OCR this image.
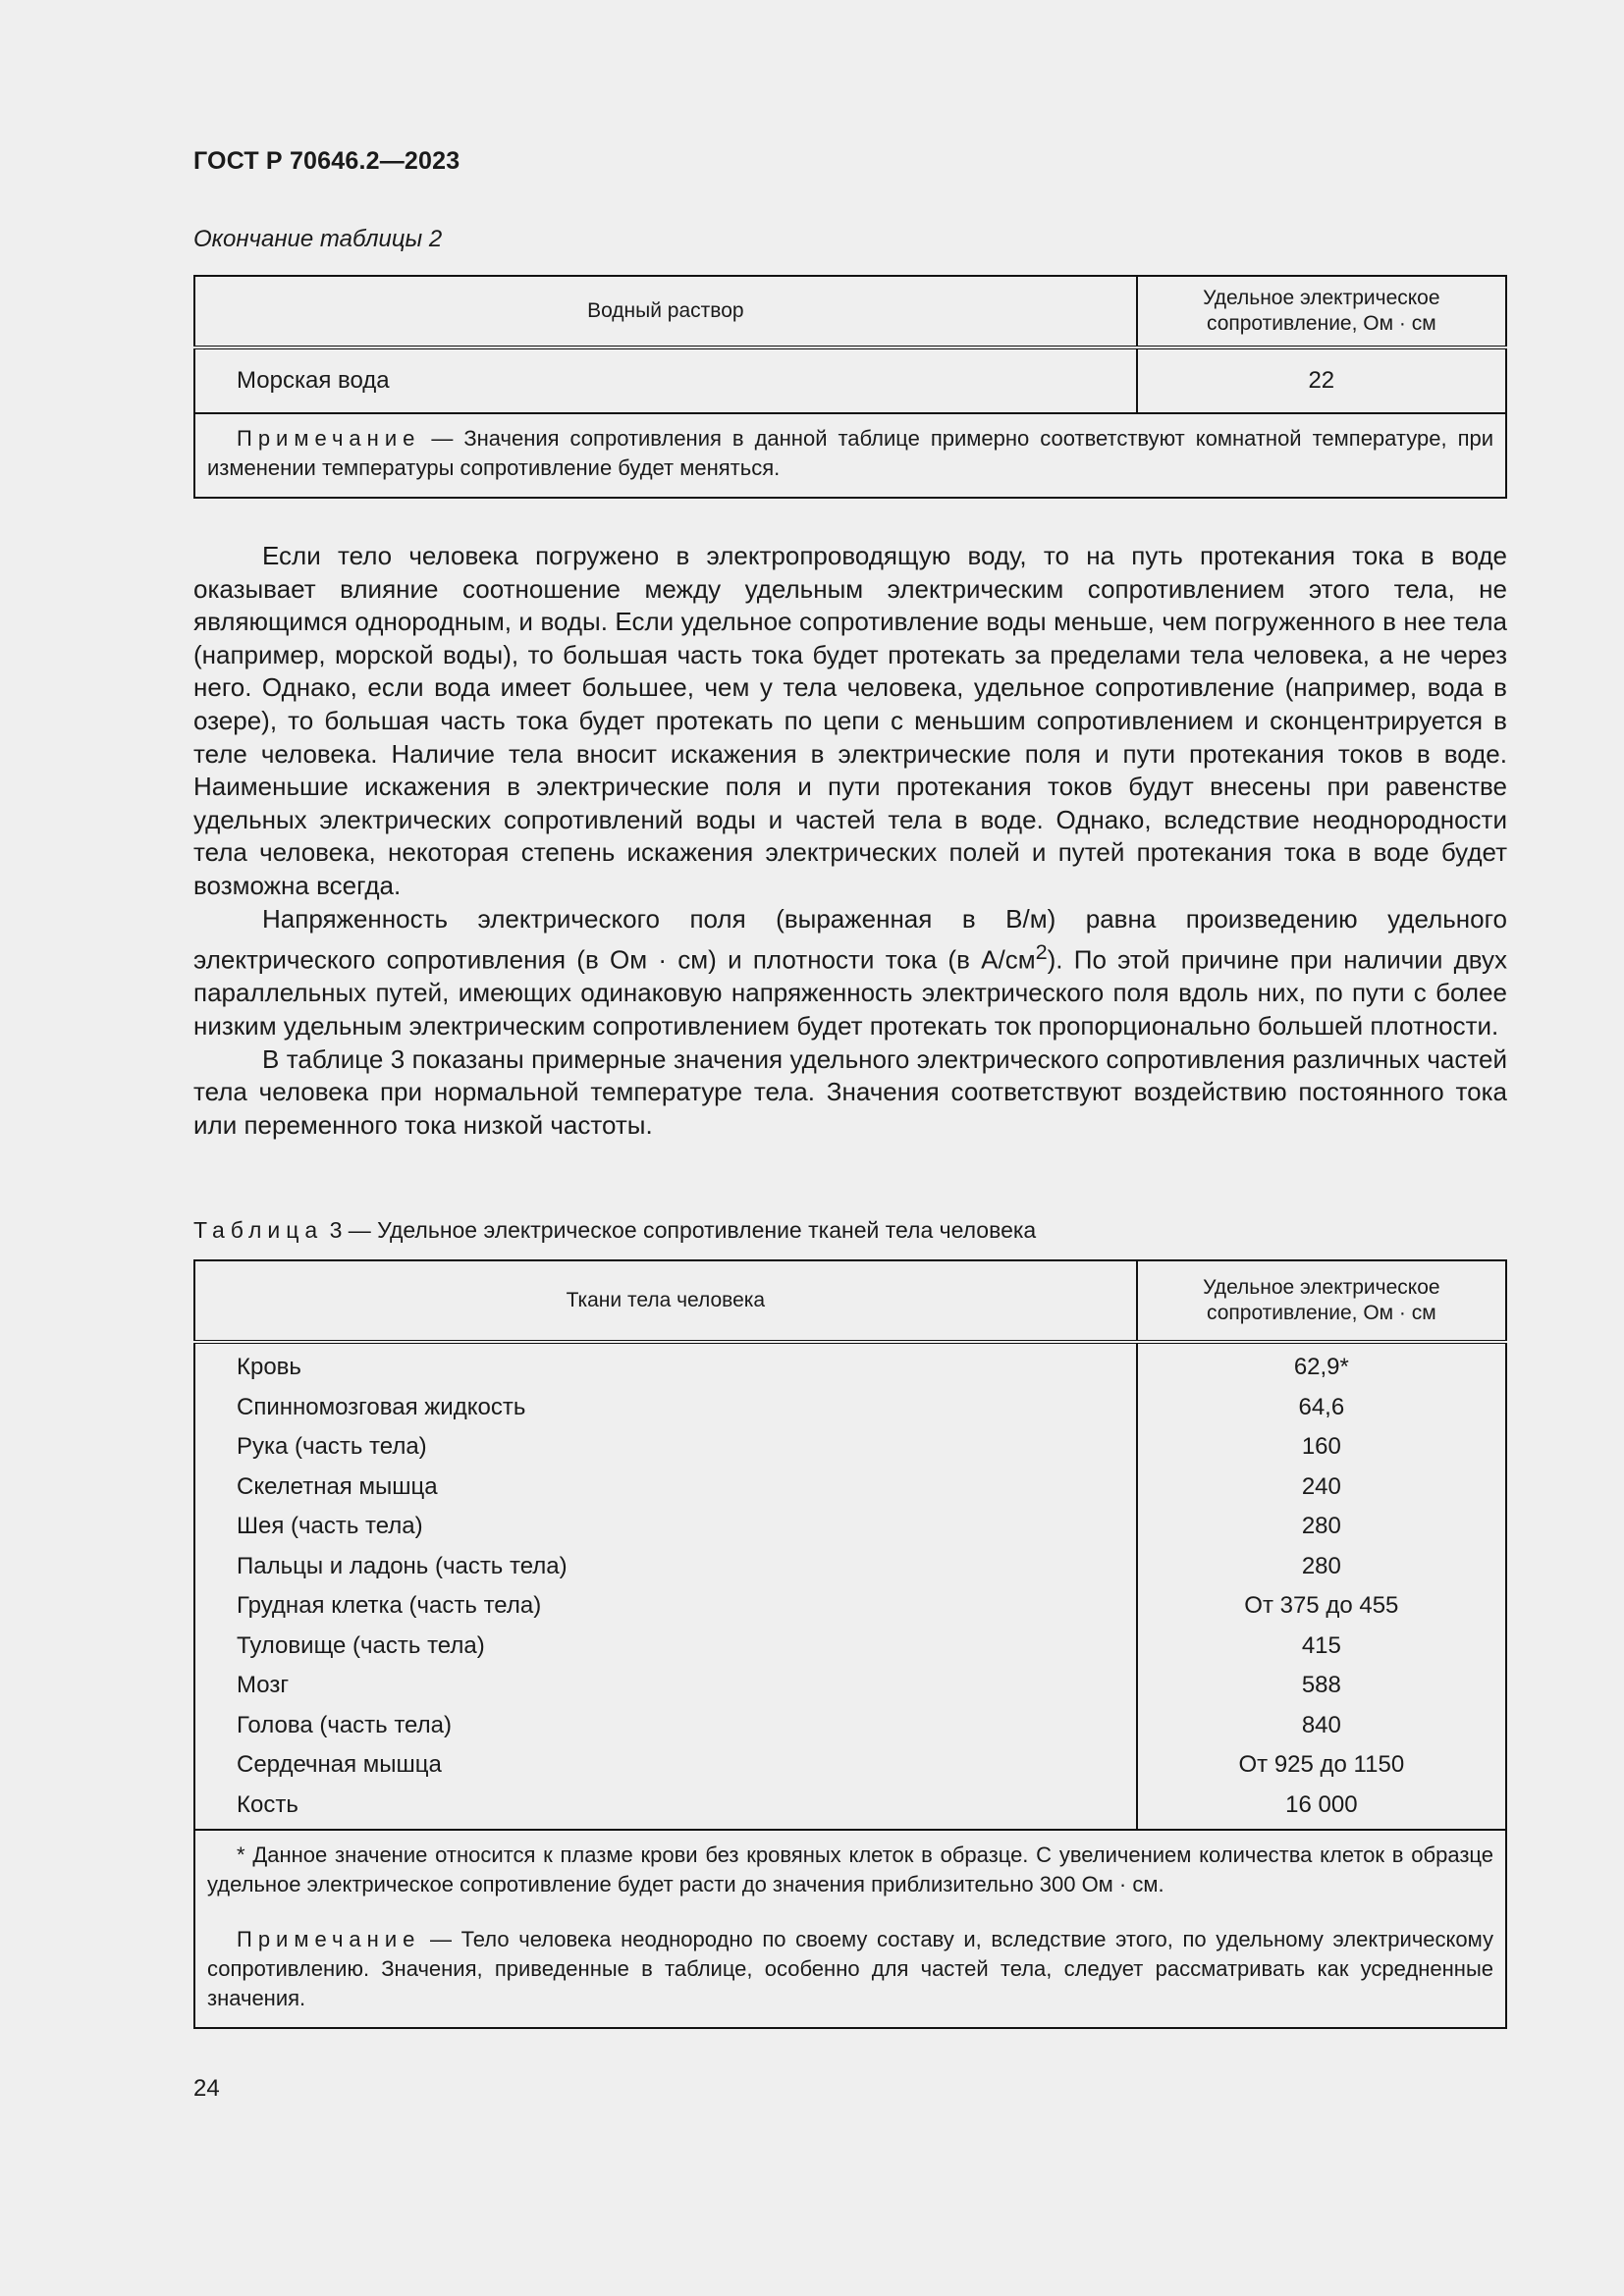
ГОСТ Р 70646.2—2023
Окончание таблицы 2
Водный раствор	Удельное электрическое сопротивление, Ом · см
Морская вода	22

Примечание — Значения сопротивления в данной таблице примерно соответствуют комнатной температуре, при изменении температуры сопротивление будет меняться.	

Если тело человека погружено в электропроводящую воду, то на путь протекания тока в воде оказывает влияние соотношение между удельным электрическим сопротивлением этого тела, не являющимся однородным, и воды. Если удельное сопротивление воды меньше, чем погруженного в нее тела (например, морской воды), то большая часть тока будет протекать за пределами тела человека, а не через него. Однако, если вода имеет большее, чем у тела человека, удельное сопротивление (например, вода в озере), то большая часть тока будет протекать по цепи с меньшим сопротивлением и сконцентрируется в теле человека. Наличие тела вносит искажения в электрические поля и пути протекания токов в воде. Наименьшие искажения в электрические поля и пути протекания токов будут внесены при равенстве удельных электрических сопротивлений воды и частей тела в воде. Однако, вследствие неоднородности тела человека, некоторая степень искажения электрических полей и путей протекания тока в воде будет возможна всегда.

Напряженность электрического поля (выраженная в В/м) равна произведению удельного электрического сопротивления (в Ом · см) и плотности тока (в $А/см^2$). По этой причине при наличии двух параллельных путей, имеющих одинаковую напряженность электрического поля вдоль них, по пути с более низким удельным электрическим сопротивлением будет протекать ток пропорционально большей плотности.

В таблице 3 показаны примерные значения удельного электрического сопротивления различных частей тела человека при нормальной температуре тела. Значения соответствуют воздействию постоянного тока или переменного тока низкой частоты.

Таблица 3 — Удельное электрическое сопротивление тканей тела человека
Ткани тела человека	Удельное электрическое сопротивление, Ом · см
Кровь	62,9*
Спинномозговая жидкость	64,6
Рука (часть тела)	160
Скелетная мышца	240
Шея (часть тела)	280
Пальцы и ладонь (часть тела)	280
Грудная клетка (часть тела)	От 375 до 455
Туловище (часть тела)	415
Мозг	588
Голова (часть тела)	840
Сердечная мышца	От 925 до 1150
Кость	16 000

* Данное значение относится к плазме крови без кровяных клеток в образце. С увеличением количества клеток в образце удельное электрическое сопротивление будет расти до значения приблизительно 300 Ом · см.

Примечание — Тело человека неоднородно по своему составу и, вследствие этого, по удельному электрическому сопротивлению. Значения, приведенные в таблице, особенно для частей тела, следует рассматривать как усредненные значения.	

24
